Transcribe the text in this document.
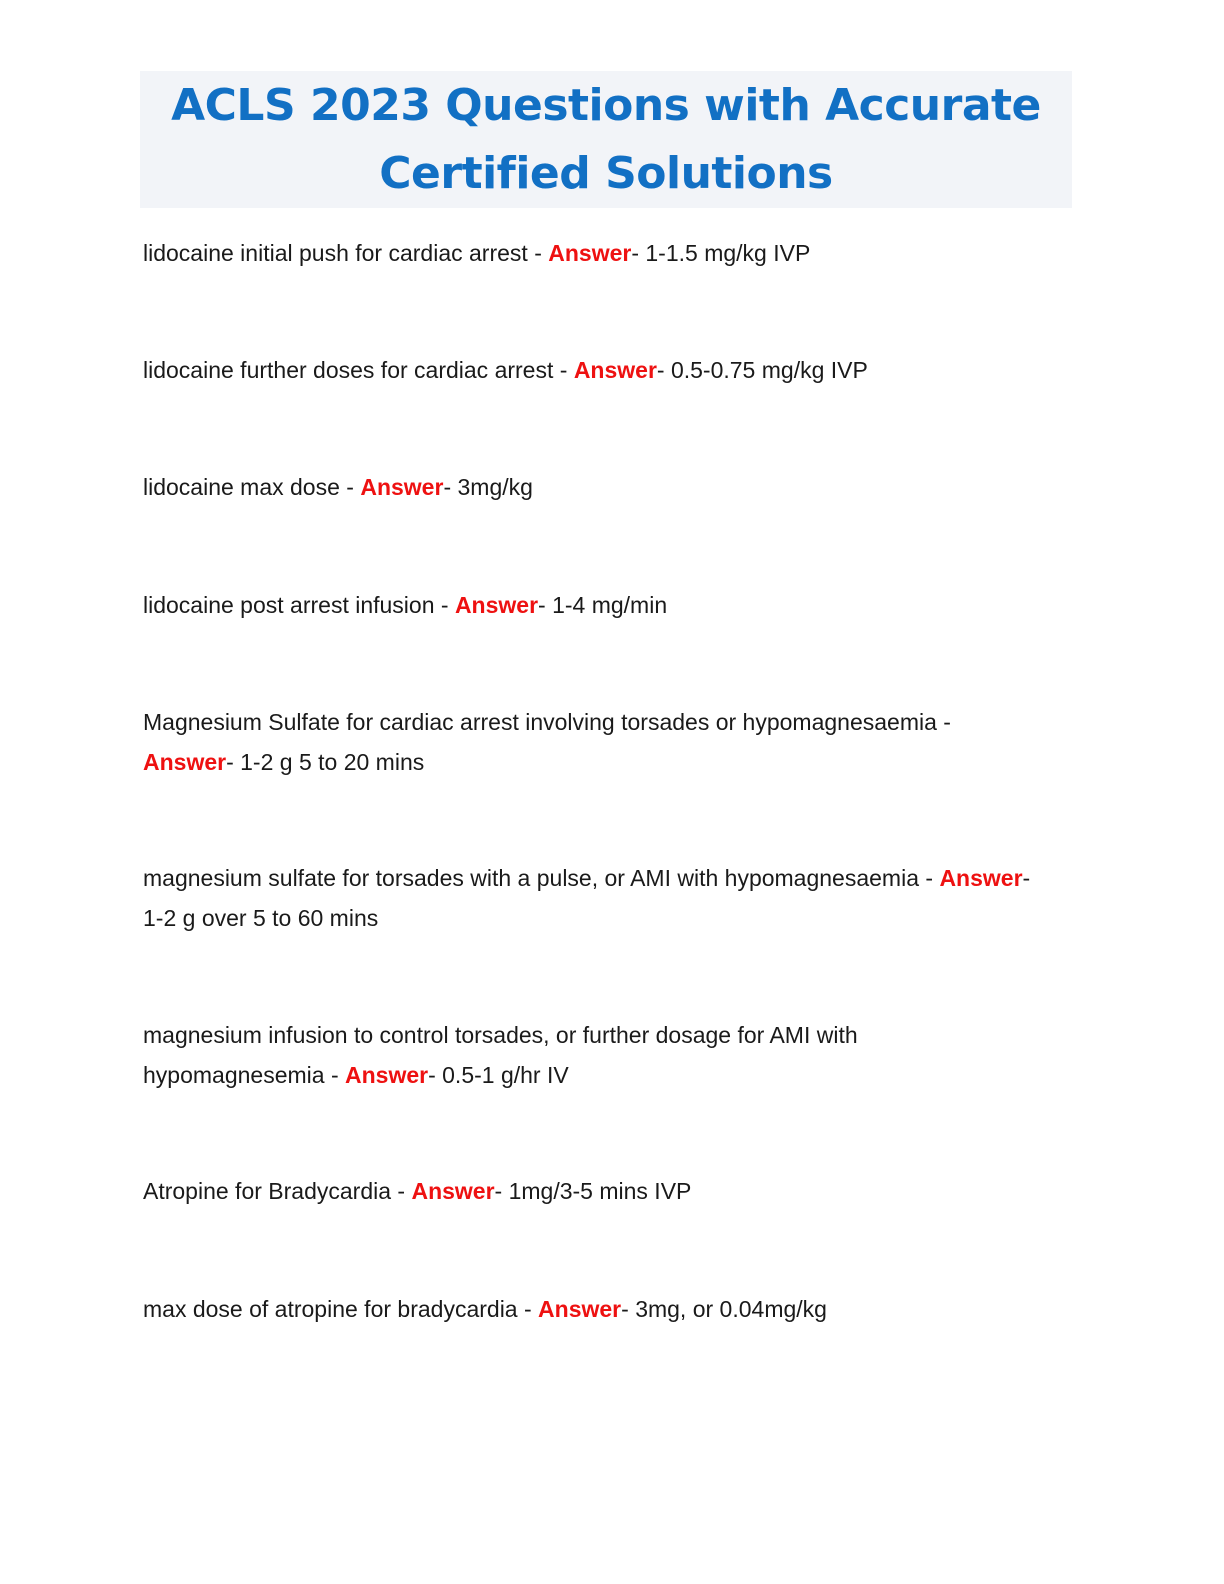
ACLS 2023 Questions with Accurate
Certified Solutions
lidocaine initial push for cardiac arrest - Answer- 1-1.5 mg/kg IVP
lidocaine further doses for cardiac arrest - Answer- 0.5-0.75 mg/kg IVP
lidocaine max dose - Answer- 3mg/kg
lidocaine post arrest infusion - Answer- 1-4 mg/min
Magnesium Sulfate for cardiac arrest involving torsades or hypomagnesaemia - Answer- 1-2 g 5 to 20 mins
magnesium sulfate for torsades with a pulse, or AMI with hypomagnesaemia - Answer- 1-2 g over 5 to 60 mins
magnesium infusion to control torsades, or further dosage for AMI with hypomagnesemia - Answer- 0.5-1 g/hr IV
Atropine for Bradycardia - Answer- 1mg/3-5 mins IVP
max dose of atropine for bradycardia - Answer- 3mg, or 0.04mg/kg
